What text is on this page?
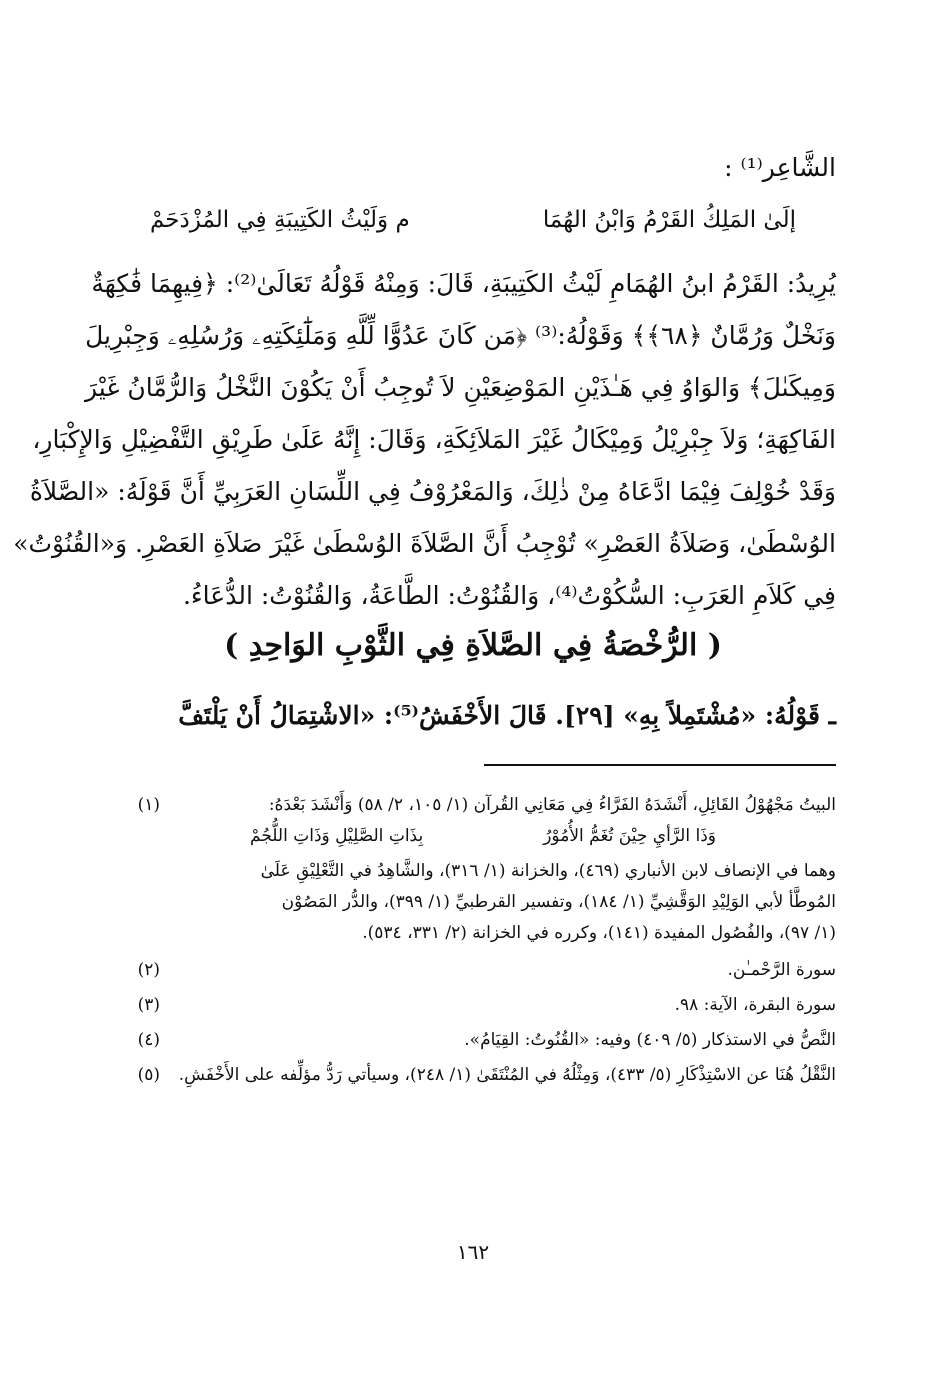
الشَّاعِر⁽¹⁾ :
إلَىٰ المَلِكُ القَرْمُ وَابْنُ الهُمَا
م وَلَيْثُ الكَتِيبَةِ فِي المُزْدَحَمْ
يُرِيدُ: القَرْمُ ابنُ الهُمَامِ لَيْثُ الكَتِيبَةِ، قَالَ: وَمِنْهُ قَوْلُهُ تَعَالَىٰ⁽²⁾: ﴿فِيهِمَا فَٰكِهَةٌ
وَنَخْلٌ وَرُمَّانٌ ﴿٦٨﴾﴾ وَقَوْلُهُ:⁽³⁾ ﴿مَن كَانَ عَدُوًّا لِّلَّهِ وَمَلَٰٓئِكَتِهِۦ وَرُسُلِهِۦ وَجِبْرِيلَ
وَمِيكَىٰلَ﴾ وَالوَاوُ فِي هَـٰذَيْنِ المَوْضِعَيْنِ لاَ تُوجِبُ أَنْ يَكُوْنَ النَّخْلُ وَالرُّمَّانُ غَيْرَ
الفَاكِهَةِ؛ وَلاَ جِبْرِيْلُ وَمِيْكَالُ غَيْرَ المَلاَئِكَةِ، وَقَالَ: إِنَّهُ عَلَىٰ طَرِيْقِ التَّفْضِيْلِ وَالإِكْبَارِ،
وَقَدْ خُوْلِفَ فِيْمَا ادَّعَاهُ مِنْ ذٰلِكَ، وَالمَعْرُوْفُ فِي اللِّسَانِ العَرَبِيِّ أَنَّ قَوْلَهُ: «الصَّلاَةُ
الوُسْطَىٰ، وَصَلاَةُ العَصْرِ» تُوْجِبُ أَنَّ الصَّلاَةَ الوُسْطَىٰ غَيْرَ صَلاَةِ العَصْرِ. وَ«القُنُوْتُ»
فِي كَلاَمِ العَرَبِ: السُّكُوْتُ⁽⁴⁾، وَالقُنُوْتُ: الطَّاعَةُ، وَالقُنُوْتُ: الدُّعَاءُ.
( الرُّخْصَةُ فِي الصَّلاَةِ فِي الثَّوْبِ الوَاحِدِ )
ـ قَوْلُهُ: «مُشْتَمِلاً بِهِ» [٢٩]. قَالَ الأَخْفَشُ⁽⁵⁾: «الاشْتِمَالُ أَنْ يَلْتَفَّ
(١)	البيتُ مَجْهُوْلُ القَائِلِ، أَنْشَدَهُ الفَرَّاءُ فِي مَعَانِي القُرآن (١/ ١٠٥، ٢/ ٥٨) وَأَنْشَدَ بَعْدَهُ:
وَذَا الرَّأيِ حِيْنَ تُغَمُّ الأُمُوْرُ
بِذَاتِ الصَّلِيْلِ وَذَاتِ اللُّجُمْ
وهما في الإنصاف لابن الأنباري (٤٦٩)، والخزانة (١/ ٣١٦)، والشَّاهِدُ في التَّعْلِيْقِ عَلَىٰ
المُوطَّأ لأبي الوَلِيْدِ الوَقَّشِيِّ (١/ ١٨٤)، وتفسير القرطبيِّ (١/ ٣٩٩)، والدُّر المَصُوْن
(١/ ٩٧)، والفُصُول المفيدة (١٤١)، وكرره في الخزانة (٢/ ٣٣١، ٥٣٤).
(٢)	سورة الرَّحْمـٰن.
(٣)	سورة البقرة، الآية: ٩٨.
(٤)	النَّصُّ في الاستذكار (٥/ ٤٠٩) وفيه: «القُنُوتُ: القِيَامُ».
(٥)	النَّقْلُ هُنَا عن الاسْتِذْكَارِ (٥/ ٤٣٣)، وَمِثْلُهُ في المُنْتَقَىٰ (١/ ٢٤٨)، وسيأتي رَدُّ مؤلِّفه على الأَخْفَشِ.
١٦٢
